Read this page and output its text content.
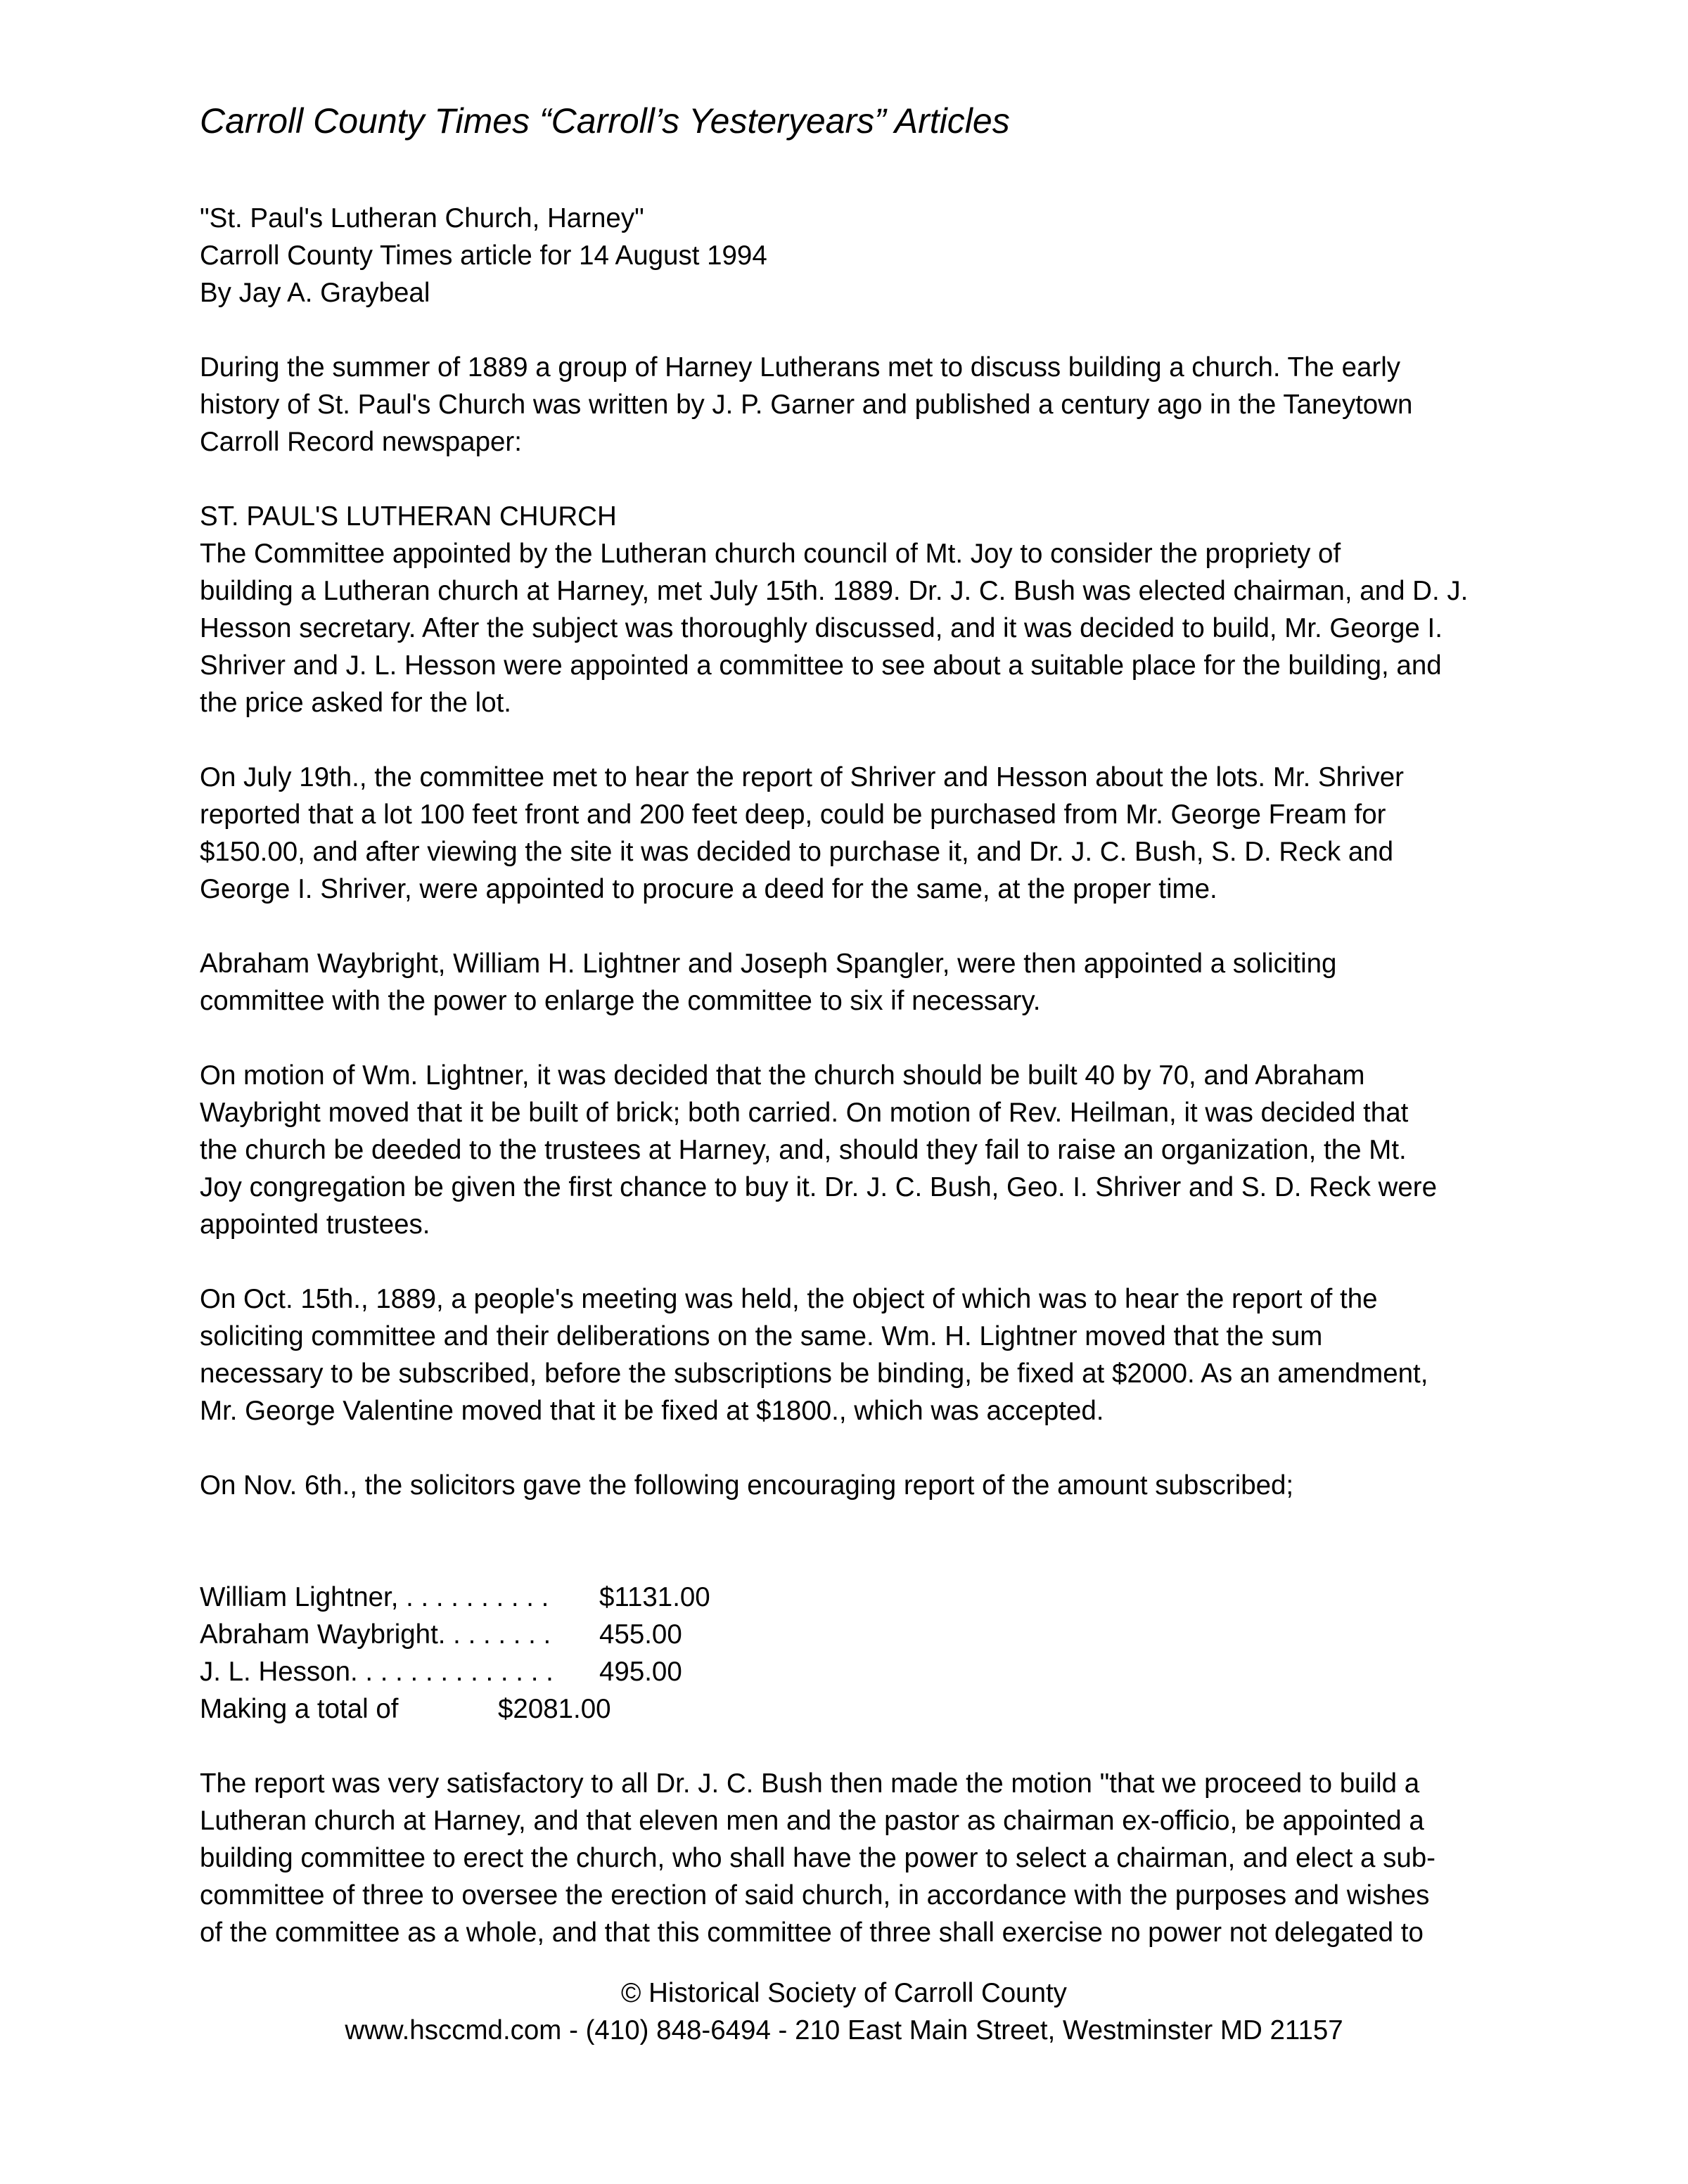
Carroll County Times “Carroll’s Yesteryears” Articles
"St. Paul's Lutheran Church, Harney"
Carroll County Times article for 14 August 1994
By Jay A. Graybeal
During the summer of 1889 a group of Harney Lutherans met to discuss building a church. The early
history of St. Paul's Church was written by J. P. Garner and published a century ago in the Taneytown
Carroll Record newspaper:
ST. PAUL'S LUTHERAN CHURCH
The Committee appointed by the Lutheran church council of Mt. Joy to consider the propriety of
building a Lutheran church at Harney, met July 15th. 1889. Dr. J. C. Bush was elected chairman, and D. J.
Hesson secretary. After the subject was thoroughly discussed, and it was decided to build, Mr. George I.
Shriver and J. L. Hesson were appointed a committee to see about a suitable place for the building, and
the price asked for the lot.
On July 19th., the committee met to hear the report of Shriver and Hesson about the lots. Mr. Shriver
reported that a lot 100 feet front and 200 feet deep, could be purchased from Mr. George Fream for
$150.00, and after viewing the site it was decided to purchase it, and Dr. J. C. Bush, S. D. Reck and
George I. Shriver, were appointed to procure a deed for the same, at the proper time.
Abraham Waybright, William H. Lightner and Joseph Spangler, were then appointed a soliciting
committee with the power to enlarge the committee to six if necessary.
On motion of Wm. Lightner, it was decided that the church should be built 40 by 70, and Abraham
Waybright moved that it be built of brick; both carried. On motion of Rev. Heilman, it was decided that
the church be deeded to the trustees at Harney, and, should they fail to raise an organization, the Mt.
Joy congregation be given the first chance to buy it. Dr. J. C. Bush, Geo. I. Shriver and S. D. Reck were
appointed trustees.
On Oct. 15th., 1889, a people's meeting was held, the object of which was to hear the report of the
soliciting committee and their deliberations on the same. Wm. H. Lightner moved that the sum
necessary to be subscribed, before the subscriptions be binding, be fixed at $2000. As an amendment,
Mr. George Valentine moved that it be fixed at $1800., which was accepted.
On Nov. 6th., the solicitors gave the following encouraging report of the amount subscribed;
William Lightner, . . . . . . . . . .	$1131.00
Abraham Waybright. . . . . . . .	455.00
J. L. Hesson. . . . . . . . . . . . . .	495.00
Making a total of	$2081.00
The report was very satisfactory to all Dr. J. C. Bush then made the motion "that we proceed to build a
Lutheran church at Harney, and that eleven men and the pastor as chairman ex-officio, be appointed a
building committee to erect the church, who shall have the power to select a chairman, and elect a sub-
committee of three to oversee the erection of said church, in accordance with the purposes and wishes
of the committee as a whole, and that this committee of three shall exercise no power not delegated to
© Historical Society of Carroll County
www.hsccmd.com - (410) 848-6494 - 210 East Main Street, Westminster MD 21157
